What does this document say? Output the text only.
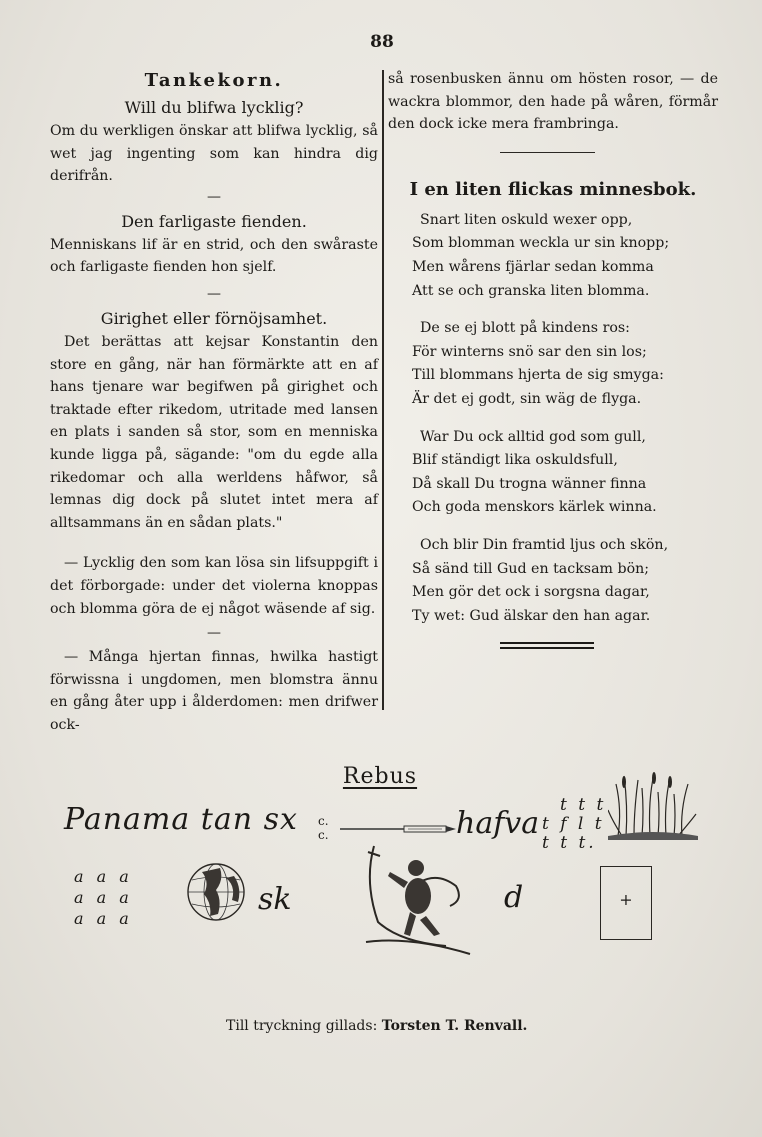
88

Tankekorn.

Will du blifwa lycklig?

Om du werkligen önskar att blifwa lycklig, så wet jag ingenting som kan hindra dig derifrån.

—

Den farligaste fienden.

Menniskans lif är en strid, och den swåraste och farligaste fienden hon sjelf.

—

Girighet eller förnöjsamhet.

Det berättas att kejsar Konstantin den store en gång, när han förmärkte att en af hans tjenare war begifwen på girighet och traktade efter rikedom, utritade med lansen en plats i sanden så stor, som en menniska kunde ligga på, sägande: "om du egde alla rikedomar och alla werldens håfwor, så lemnas dig dock på slutet intet mera af alltsammans än en sådan plats."

— Lycklig den som kan lösa sin lifsuppgift i det förborgade: under det violerna knoppas och blomma göra de ej något wäsende af sig.

—

— Många hjertan finnas, hwilka hastigt förwissna i ungdomen, men blomstra ännu en gång åter upp i ålderdomen: men drifwer ock-

så rosenbusken ännu om hösten rosor, — de wackra blommor, den hade på wåren, förmår den dock icke mera frambringa.

I en liten flickas minnesbok.

Snart liten oskuld wexer opp,

Som blomman weckla ur sin knopp;

Men wårens fjärlar sedan komma

Att se och granska liten blomma.

De se ej blott på kindens ros:

För winterns snö sar den sin los;

Till blommans hjerta de sig smyga:

Är det ej godt, sin wäg de flyga.

War Du ock alltid god som gull,

Blif ständigt lika oskuldsfull,

Då skall Du trogna wänner finna

Och goda menskors kärlek winna.

Och blir Din framtid ljus och skön,

Så sänd till Gud en tacksam bön;

Men gör det ock i sorgsna dagar,

Ty wet: Gud älskar den han agar.

Rebus
Panama tan sx c.
c.	hafva
t t t
t f l t
t t t.
a a a
a a a
a a a
sk	d	+
Till tryckning gillads: Torsten T. Renvall.
